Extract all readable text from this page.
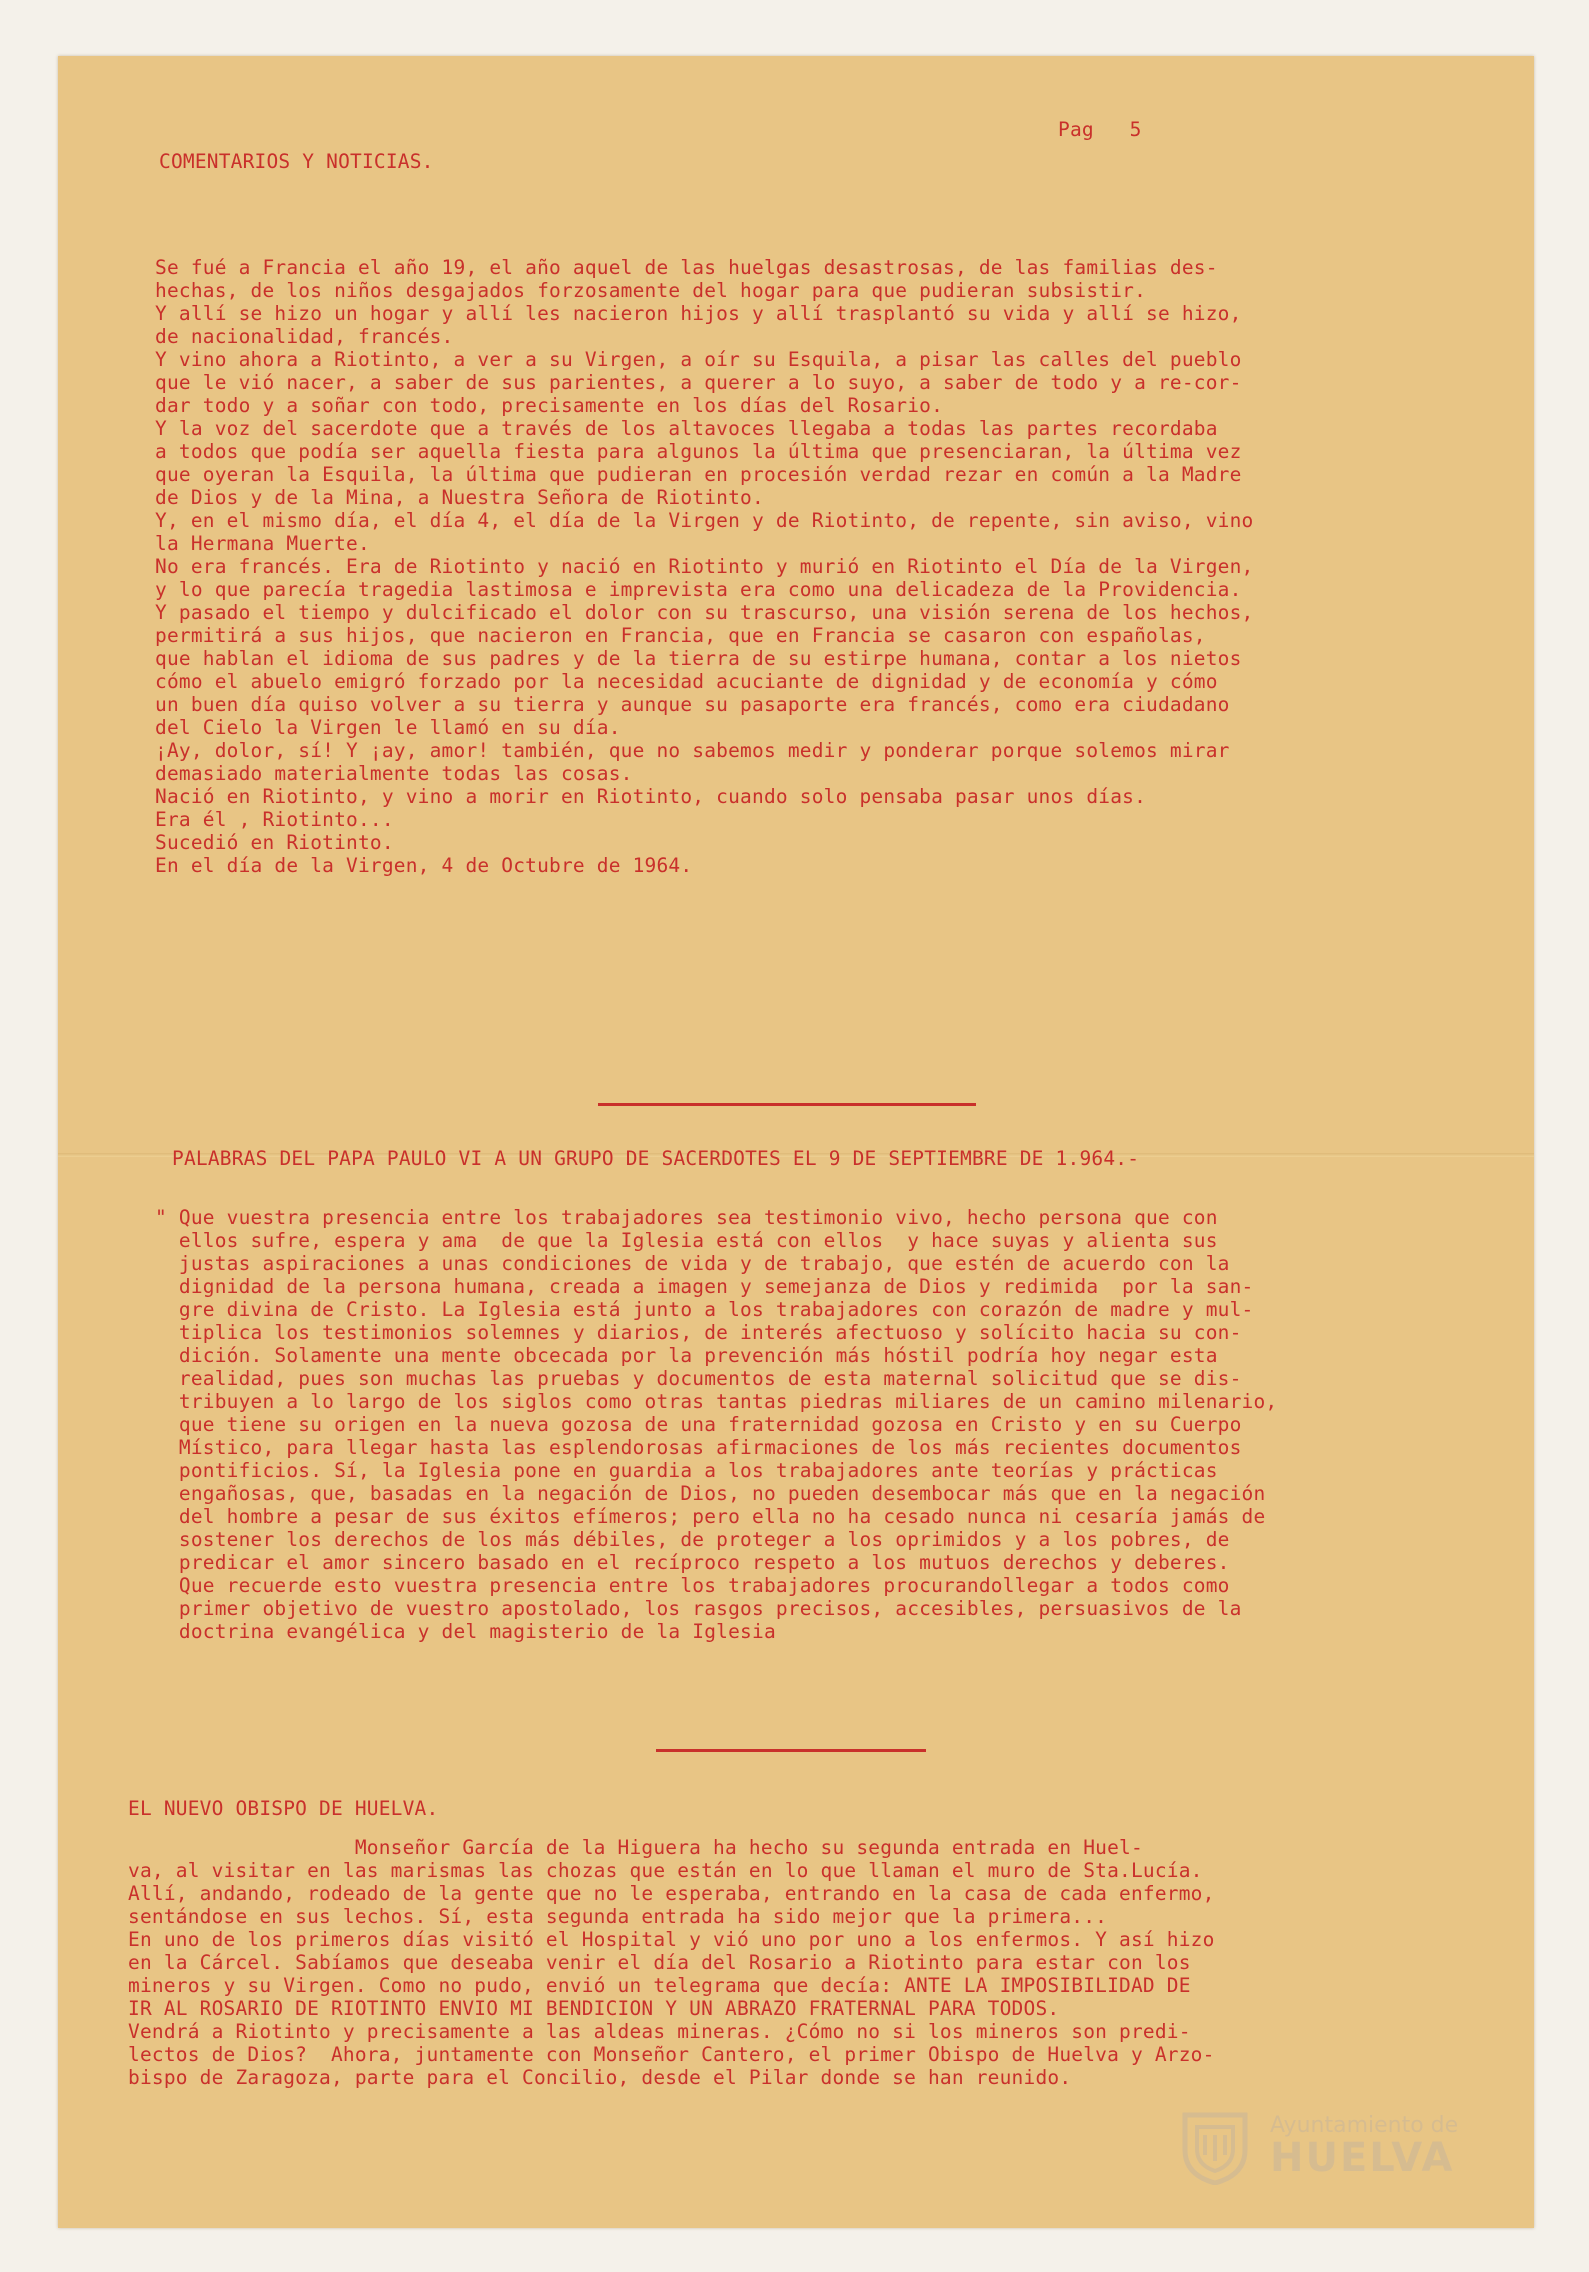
Pag   5
COMENTARIOS Y NOTICIAS.
Se fué a Francia el año 19, el año aquel de las huelgas desastrosas, de las familias des-
hechas, de los niños desgajados forzosamente del hogar para que pudieran subsistir.
Y allí se hizo un hogar y allí les nacieron hijos y allí trasplantó su vida y allí se hizo,
de nacionalidad, francés.
Y vino ahora a Riotinto, a ver a su Virgen, a oír su Esquila, a pisar las calles del pueblo
que le vió nacer, a saber de sus parientes, a querer a lo suyo, a saber de todo y a re-cor-
dar todo y a soñar con todo, precisamente en los días del Rosario.
Y la voz del sacerdote que a través de los altavoces llegaba a todas las partes recordaba
a todos que podía ser aquella fiesta para algunos la última que presenciaran, la última vez
que oyeran la Esquila, la última que pudieran en procesión verdad rezar en común a la Madre
de Dios y de la Mina, a Nuestra Señora de Riotinto.
Y, en el mismo día, el día 4, el día de la Virgen y de Riotinto, de repente, sin aviso, vino
la Hermana Muerte.
No era francés. Era de Riotinto y nació en Riotinto y murió en Riotinto el Día de la Virgen,
y lo que parecía tragedia lastimosa e imprevista era como una delicadeza de la Providencia.
Y pasado el tiempo y dulcificado el dolor con su trascurso, una visión serena de los hechos,
permitirá a sus hijos, que nacieron en Francia, que en Francia se casaron con españolas,
que hablan el idioma de sus padres y de la tierra de su estirpe humana, contar a los nietos
cómo el abuelo emigró forzado por la necesidad acuciante de dignidad y de economía y cómo
un buen día quiso volver a su tierra y aunque su pasaporte era francés, como era ciudadano
del Cielo la Virgen le llamó en su día.
¡Ay, dolor, sí! Y ¡ay, amor! también, que no sabemos medir y ponderar porque solemos mirar
demasiado materialmente todas las cosas.
Nació en Riotinto, y vino a morir en Riotinto, cuando solo pensaba pasar unos días.
Era él , Riotinto...
Sucedió en Riotinto.
En el día de la Virgen, 4 de Octubre de 1964.
PALABRAS DEL PAPA PAULO VI A UN GRUPO DE SACERDOTES EL 9 DE SEPTIEMBRE DE 1.964.-
" Que vuestra presencia entre los trabajadores sea testimonio vivo, hecho persona que con
ellos sufre, espera y ama  de que la Iglesia está con ellos  y hace suyas y alienta sus
justas aspiraciones a unas condiciones de vida y de trabajo, que estén de acuerdo con la
dignidad de la persona humana, creada a imagen y semejanza de Dios y redimida  por la san-
gre divina de Cristo. La Iglesia está junto a los trabajadores con corazón de madre y mul-
tiplica los testimonios solemnes y diarios, de interés afectuoso y solícito hacia su con-
dición. Solamente una mente obcecada por la prevención más hóstil podría hoy negar esta
realidad, pues son muchas las pruebas y documentos de esta maternal solicitud que se dis-
tribuyen a lo largo de los siglos como otras tantas piedras miliares de un camino milenario,
que tiene su origen en la nueva gozosa de una fraternidad gozosa en Cristo y en su Cuerpo
Místico, para llegar hasta las esplendorosas afirmaciones de los más recientes documentos
pontificios. Sí, la Iglesia pone en guardia a los trabajadores ante teorías y prácticas
engañosas, que, basadas en la negación de Dios, no pueden desembocar más que en la negación
del hombre a pesar de sus éxitos efímeros; pero ella no ha cesado nunca ni cesaría jamás de
sostener los derechos de los más débiles, de proteger a los oprimidos y a los pobres, de
predicar el amor sincero basado en el recíproco respeto a los mutuos derechos y deberes.
Que recuerde esto vuestra presencia entre los trabajadores procurandollegar a todos como
primer objetivo de vuestro apostolado, los rasgos precisos, accesibles, persuasivos de la
doctrina evangélica y del magisterio de la Iglesia
EL NUEVO OBISPO DE HUELVA.
Monseñor García de la Higuera ha hecho su segunda entrada en Huel-
va, al visitar en las marismas las chozas que están en lo que llaman el muro de Sta.Lucía.
Allí, andando, rodeado de la gente que no le esperaba, entrando en la casa de cada enfermo,
sentándose en sus lechos. Sí, esta segunda entrada ha sido mejor que la primera...
En uno de los primeros días visitó el Hospital y vió uno por uno a los enfermos. Y así hizo
en la Cárcel. Sabíamos que deseaba venir el día del Rosario a Riotinto para estar con los
mineros y su Virgen. Como no pudo, envió un telegrama que decía: ANTE LA IMPOSIBILIDAD DE
IR AL ROSARIO DE RIOTINTO ENVIO MI BENDICION Y UN ABRAZO FRATERNAL PARA TODOS.
Vendrá a Riotinto y precisamente a las aldeas mineras. ¿Cómo no si los mineros son predi-
lectos de Dios?  Ahora, juntamente con Monseñor Cantero, el primer Obispo de Huelva y Arzo-
bispo de Zaragoza, parte para el Concilio, desde el Pilar donde se han reunido.
Ayuntamiento de
HUELVA
